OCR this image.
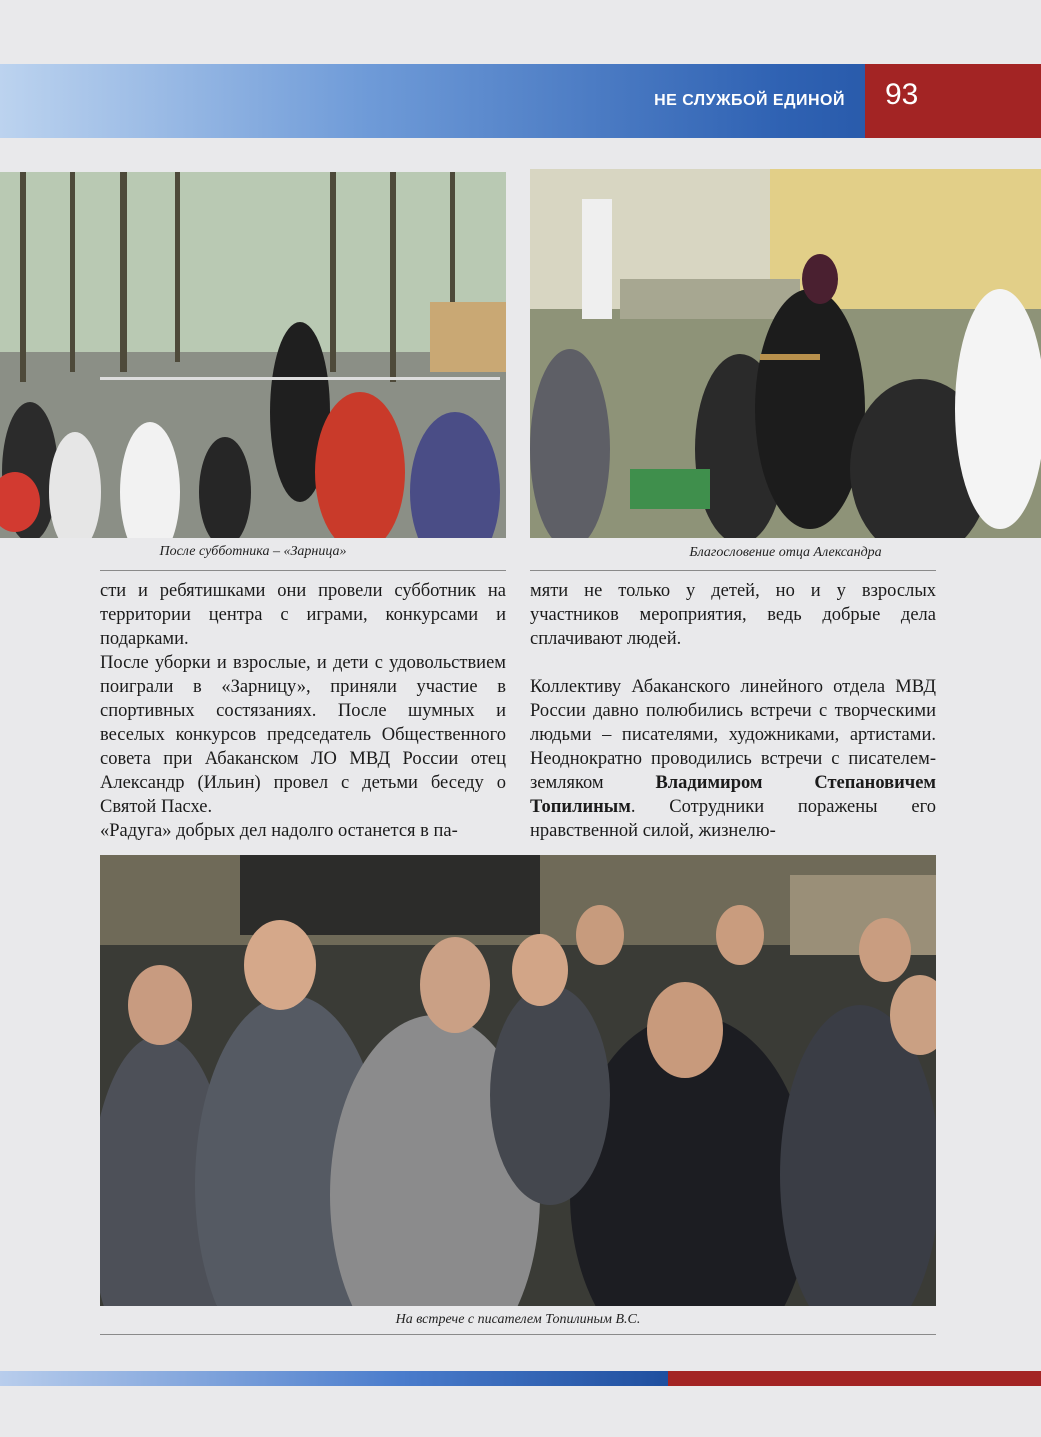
НЕ СЛУЖБОЙ ЕДИНОЙ 93
После субботника – «Зарница»	Благословение отца Александра

сти и ребятишками они провели субботник на территории центра с играми, конкурсами и подарками.

После уборки и взрослые, и дети с удовольствием поиграли в «Зарницу», приняли участие в спортивных состязаниях. После шумных и веселых конкурсов председатель Общественного совета при Абаканском ЛО МВД России отец Александр (Ильин) провел с детьми беседу о Святой Пасхе.

«Радуга» добрых дел надолго останется в па-

мяти не только у детей, но и у взрослых участников мероприятия, ведь добрые дела сплачивают людей.

Коллективу Абаканского линейного отдела МВД России давно полюбились встречи с творческими людьми – писателями, художниками, артистами. Неоднократно проводились встречи с писателем-земляком Владимиром Степановичем Топилиным. Сотрудники поражены его нравственной силой, жизнелю-

На встрече с писателем Топилиным В.С.
